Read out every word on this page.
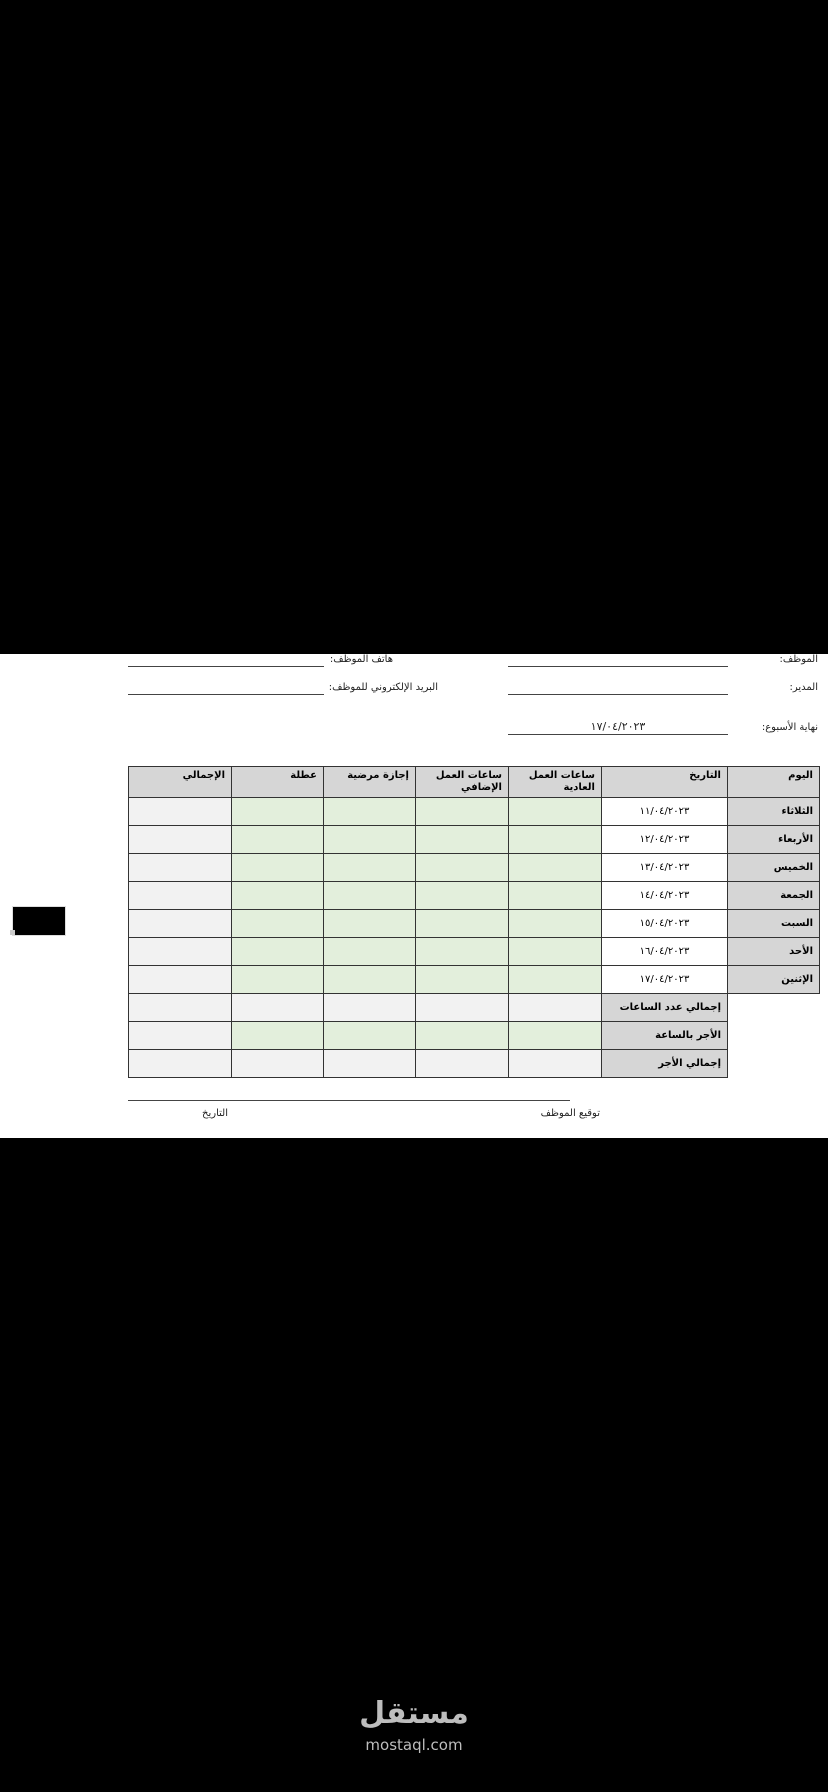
الموظف:
المدير:
نهاية الأسبوع:
١٧/٠٤/٢٠٢٣
هاتف الموظف:
البريد الإلكتروني للموظف:
اليوم	التاريخ	ساعات العمل العادية	ساعات العمل الإضافي	إجازة مرضية	عطلة	الإجمالي
الثلاثاء	١١/٠٤/٢٠٢٣					
الأربعاء	١٢/٠٤/٢٠٢٣					
الخميس	١٣/٠٤/٢٠٢٣					
الجمعة	١٤/٠٤/٢٠٢٣					
السبت	١٥/٠٤/٢٠٢٣					
الأحد	١٦/٠٤/٢٠٢٣					
الإثنين	١٧/٠٤/٢٠٢٣					
	إجمالي عدد الساعات					
	الأجر بالساعة					
	إجمالي الأجر					
توقيع الموظف
التاريخ
مستقل
mostaql.com
